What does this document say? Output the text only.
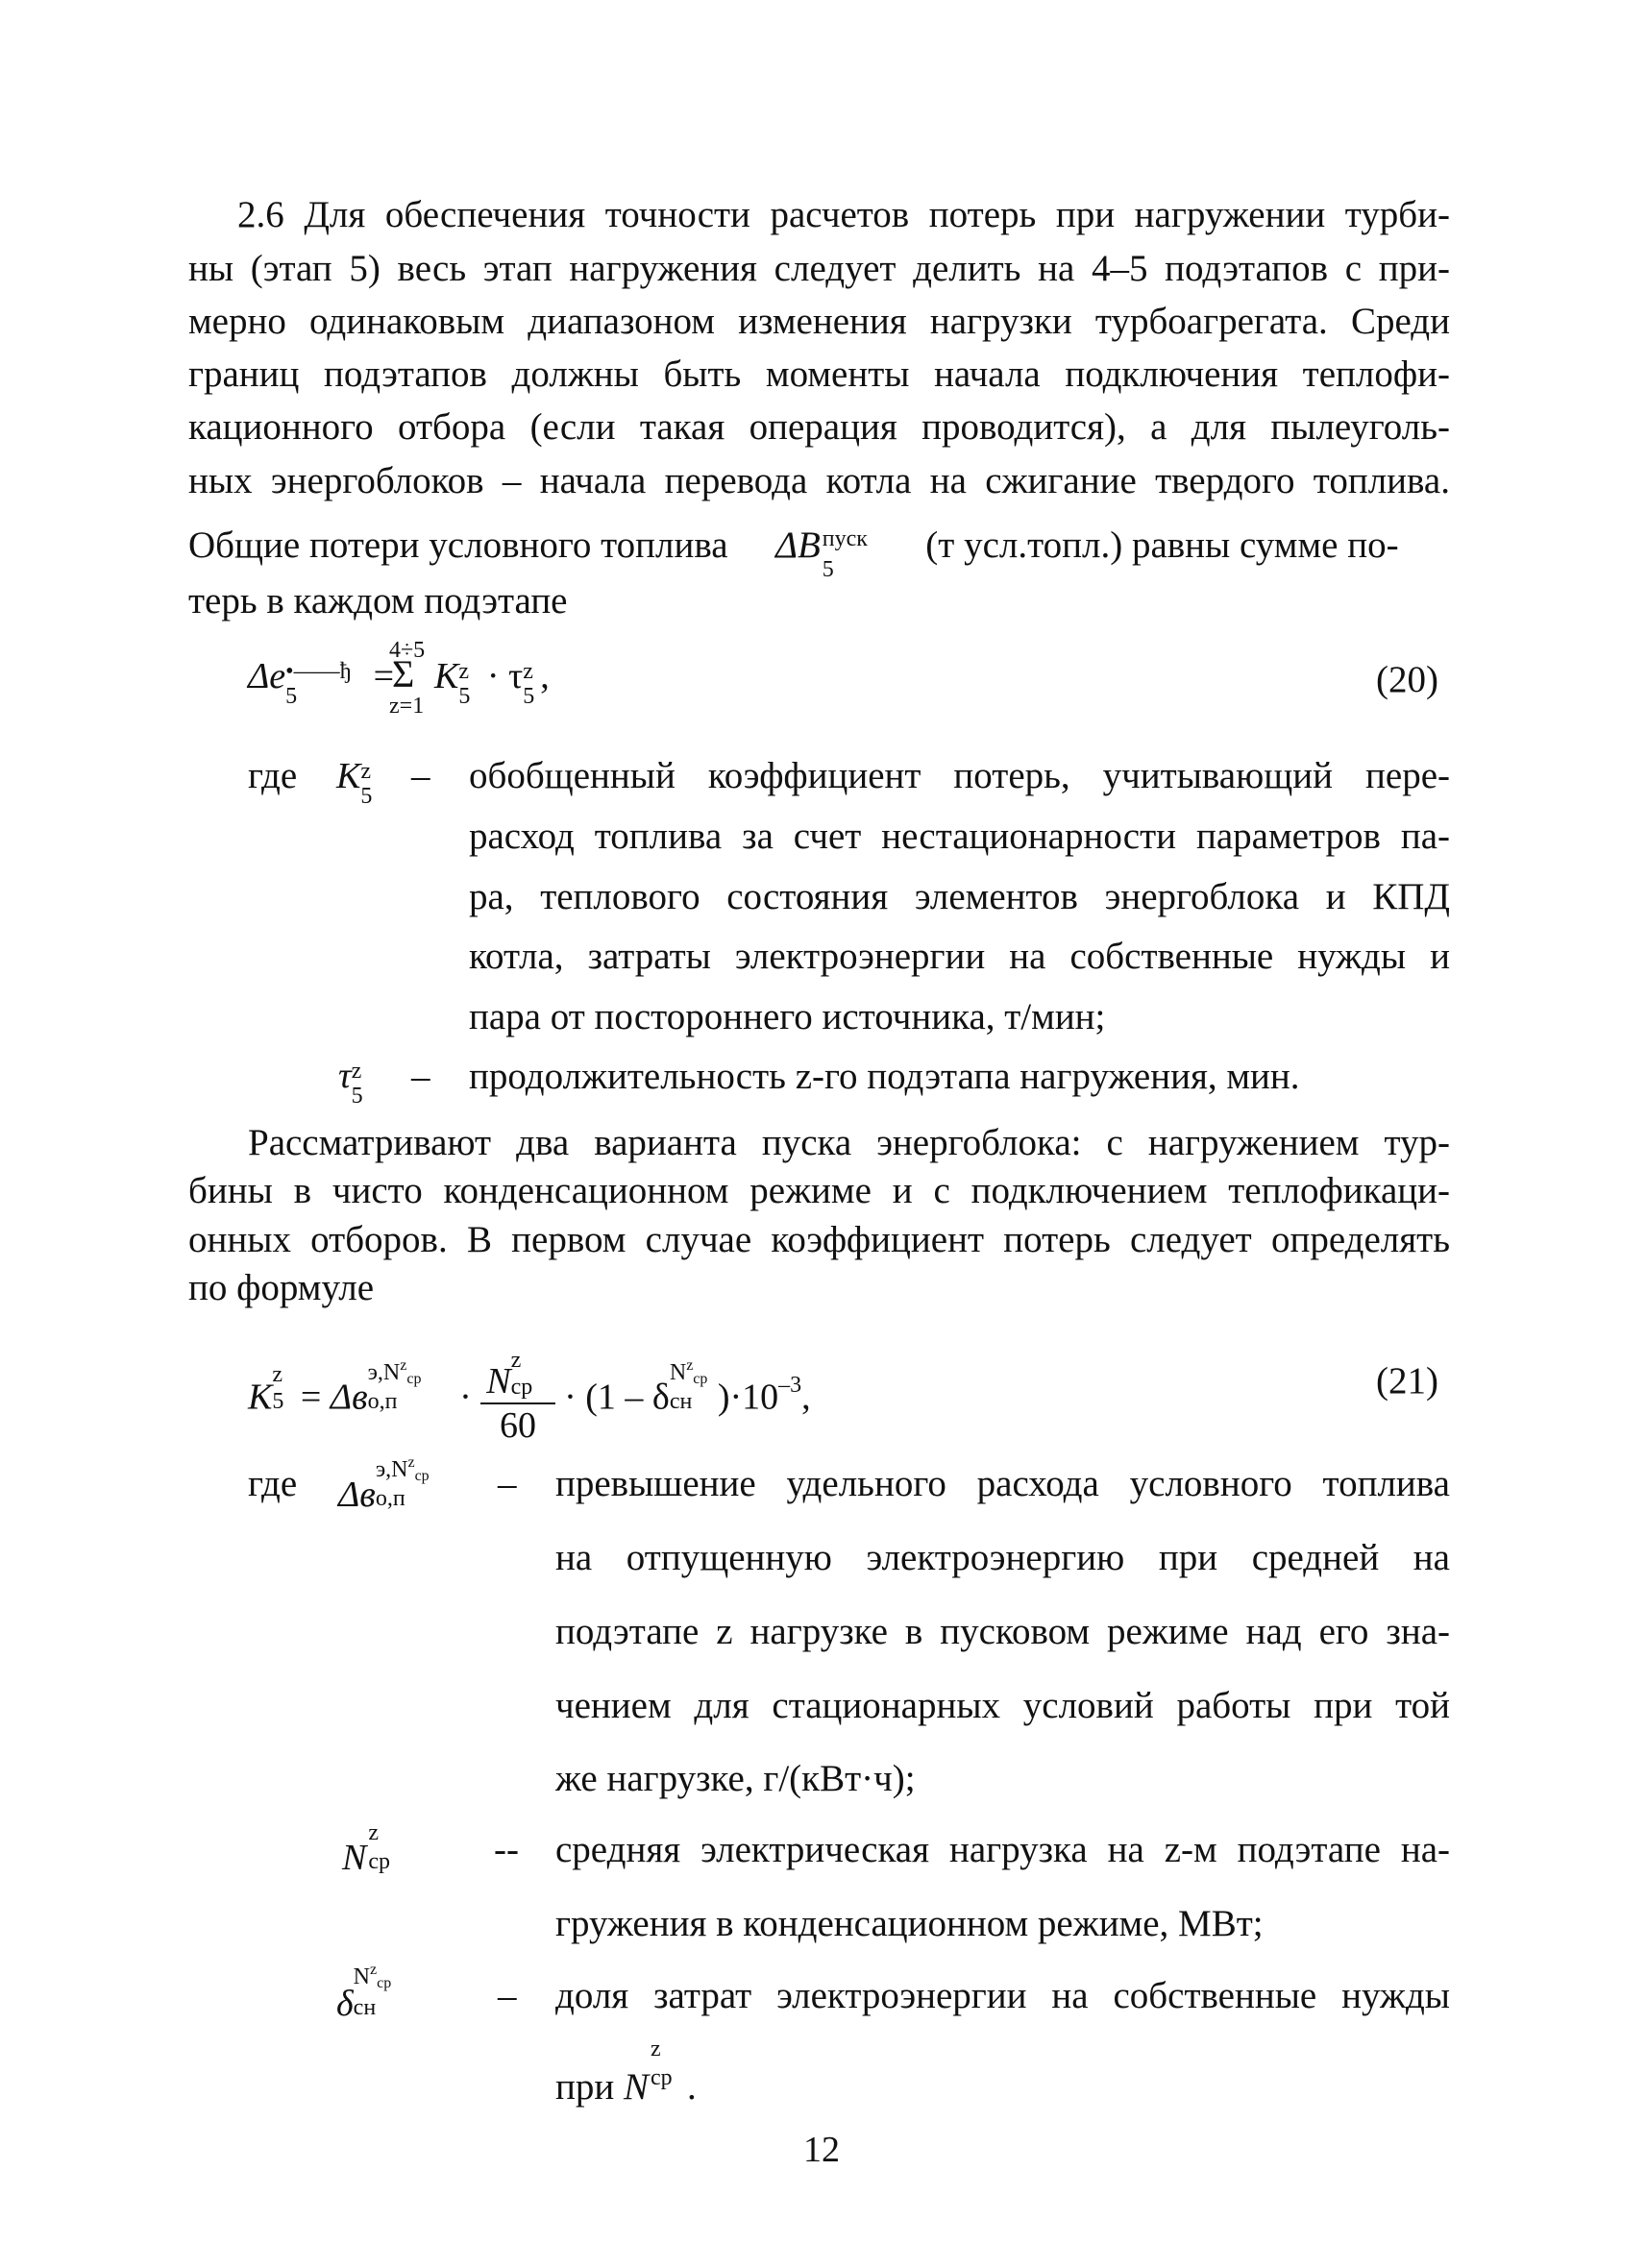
2.6 Для обеспечения точности расчетов потерь при нагружении турби-
ны (этап 5) весь этап нагружения следует делить на 4–5 подэтапов с при-
мерно одинаковым диапазоном изменения нагрузки турбоагрегата. Среди
границ подэтапов должны быть моменты начала подключения теплофи-
кационного отбора (если такая операция проводится), а для пылеуголь-
ных энергоблоков – начала перевода котла на сжигание твердого топлива.
Общие потери условного топлива ΔB пуск
5
(т усл.топл.) равны сумме по-
терь в каждом подэтапе
Δe •——ђ
5
=
4÷5
Σ
z=1
K z
5
· τ z
5
,	(20)
где K z
5
– обобщенный коэффициент потерь, учитывающий пере-
расход топлива за счет нестационарности параметров па-
ра, теплового состояния элементов энергоблока и КПД
котла, затраты электроэнергии на собственные нужды и
пара от постороннего источника, т/мин;
τ z
5 – продолжительность z-го подэтапа нагружения, мин.
Рассматривают два варианта пуска энергоблока: с нагружением тур-
бины в чисто конденсационном режиме и с подключением теплофикаци-
онных отборов. В первом случае коэффициент потерь следует определять
по формуле
K
z
5 = Δв
$э,N^zср$
о,п · N
z
ср
60 · (1 – δ
$N^zср$
сн )$\cdot 10^{-3}$,	(21)
где Δв
$э,N^zср$
о,п – превышение удельного расхода условного топлива
на отпущенную электроэнергию при средней на
подэтапе z нагрузке в пусковом режиме над его зна-
чением для стационарных условий работы при той
же нагрузке, г/(кВт·ч);
N
z
ср	-- средняя электрическая нагрузка на z-м подэтапе на-
гружения в конденсационном режиме, МВт;
δ
$N^zср$
сн	– доля затрат электроэнергии на собственные нужды
при N
z
ср .
12
